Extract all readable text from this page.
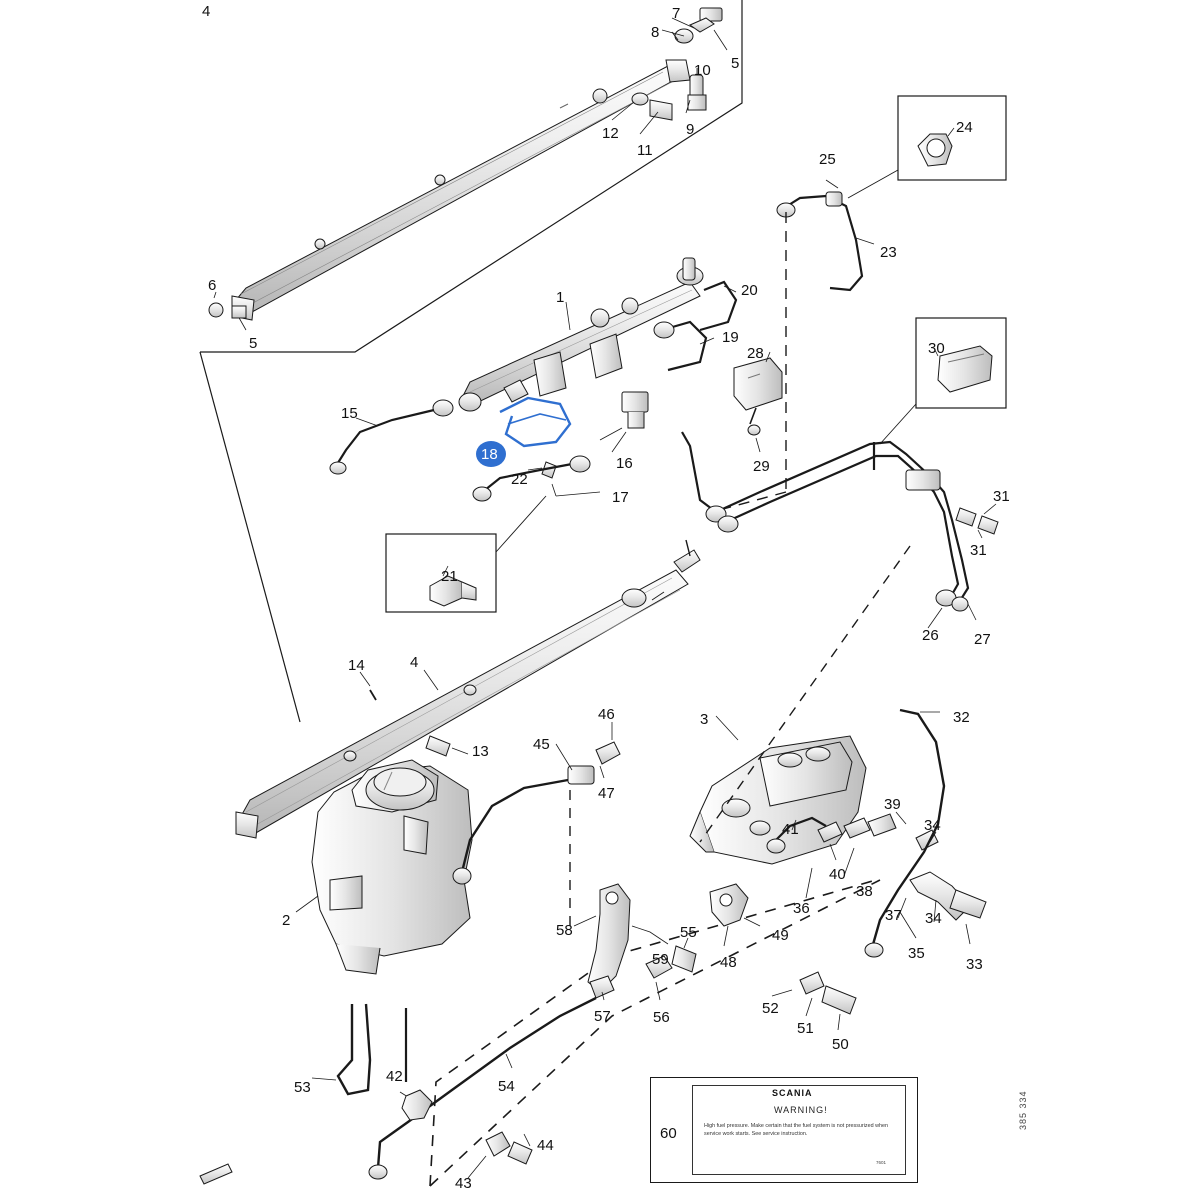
SCANIA
WARNING!
High fuel pressure. Make certain that the fuel system is not pressurized when service work starts. See service instruction.
7601
385 334
4	7
8
5
10
12
11
9	24
25
23
6
5
1	20
19
28	30
15
16
18
22
29
31
31
17
21
26 27
14	4
13	45
46
47
3	32
39
34
41
40
38
36	37 34
33
35
2
58	55	49
59	48
56
57	52
51
50
53
42
54
60
43
44
